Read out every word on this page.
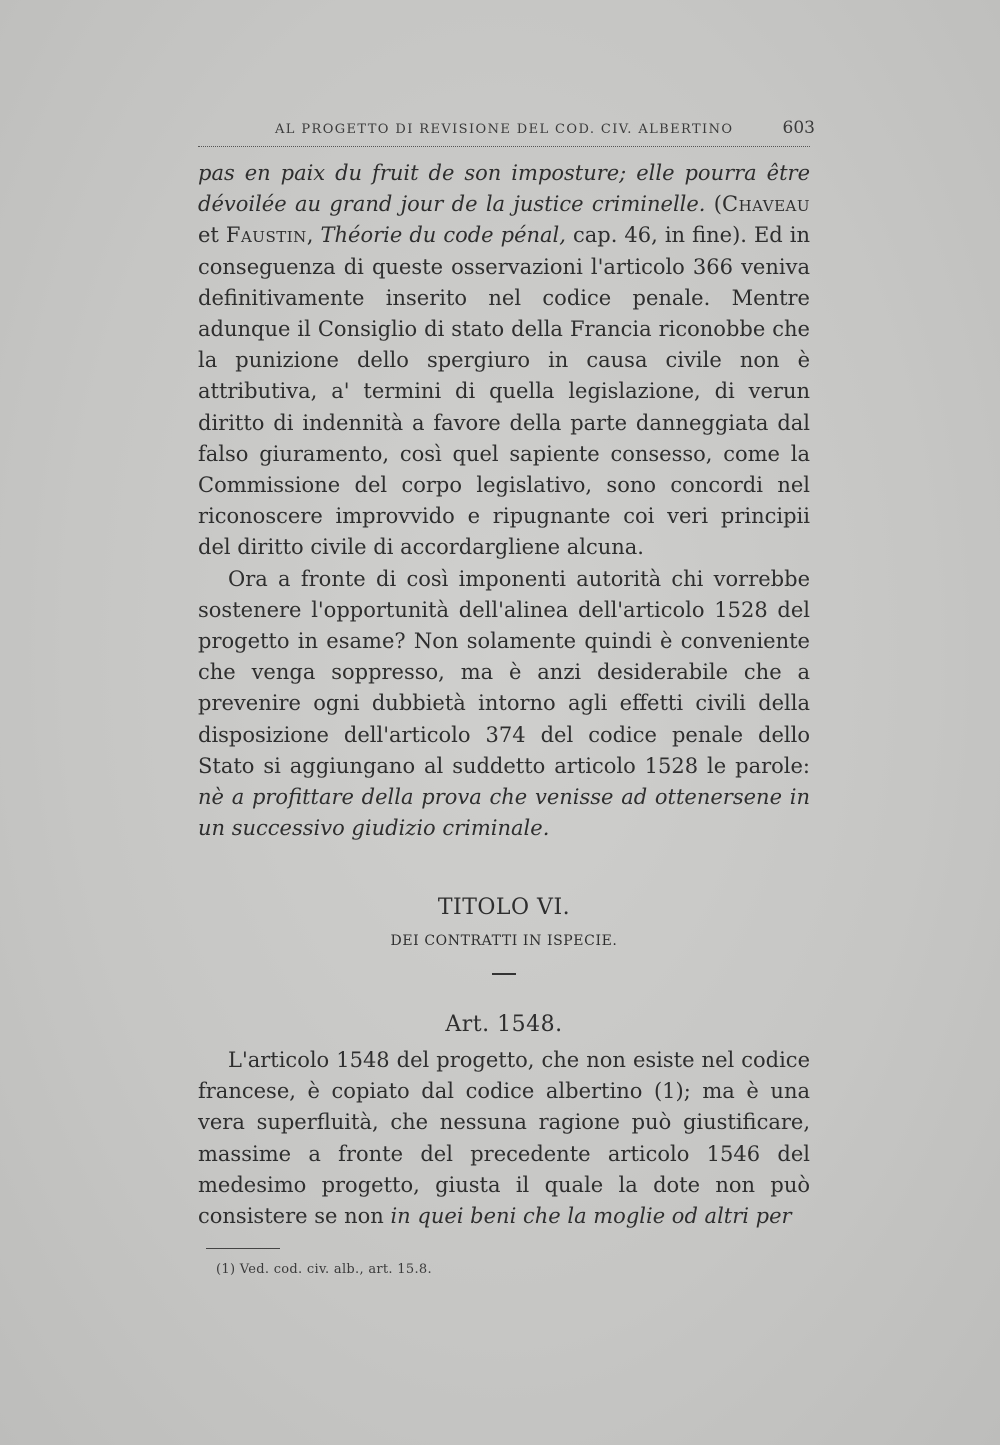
AL PROGETTO DI REVISIONE DEL COD. CIV. ALBERTINO	603

pas en paix du fruit de son imposture; elle pourra être dévoilée au grand jour de la justice criminelle. (Chaveau et Faustin, Théorie du code pénal, cap. 46, in fine). Ed in conseguenza di queste osservazioni l'articolo 366 veniva definitivamente inserito nel codice penale. Mentre adunque il Consiglio di stato della Francia riconobbe che la punizione dello spergiuro in causa civile non è attributiva, a' termini di quella legislazione, di verun diritto di indennità a favore della parte danneggiata dal falso giuramento, così quel sapiente consesso, come la Commissione del corpo legislativo, sono concordi nel riconoscere improvvido e ripugnante coi veri principii del diritto civile di accordargliene alcuna.

Ora a fronte di così imponenti autorità chi vorrebbe sostenere l'opportunità dell'alinea dell'articolo 1528 del progetto in esame? Non solamente quindi è conveniente che venga soppresso, ma è anzi desiderabile che a prevenire ogni dubbietà intorno agli effetti civili della disposizione dell'articolo 374 del codice penale dello Stato si aggiungano al suddetto articolo 1528 le parole: nè a profittare della prova che venisse ad ottenersene in un successivo giudizio criminale.

TITOLO VI.
DEI CONTRATTI IN ISPECIE.
Art. 1548.

L'articolo 1548 del progetto, che non esiste nel codice francese, è copiato dal codice albertino (1); ma è una vera superfluità, che nessuna ragione può giustificare, massime a fronte del precedente articolo 1546 del medesimo progetto, giusta il quale la dote non può consistere se non in quei beni che la moglie od altri per

(1) Ved. cod. civ. alb., art. 15.8.
